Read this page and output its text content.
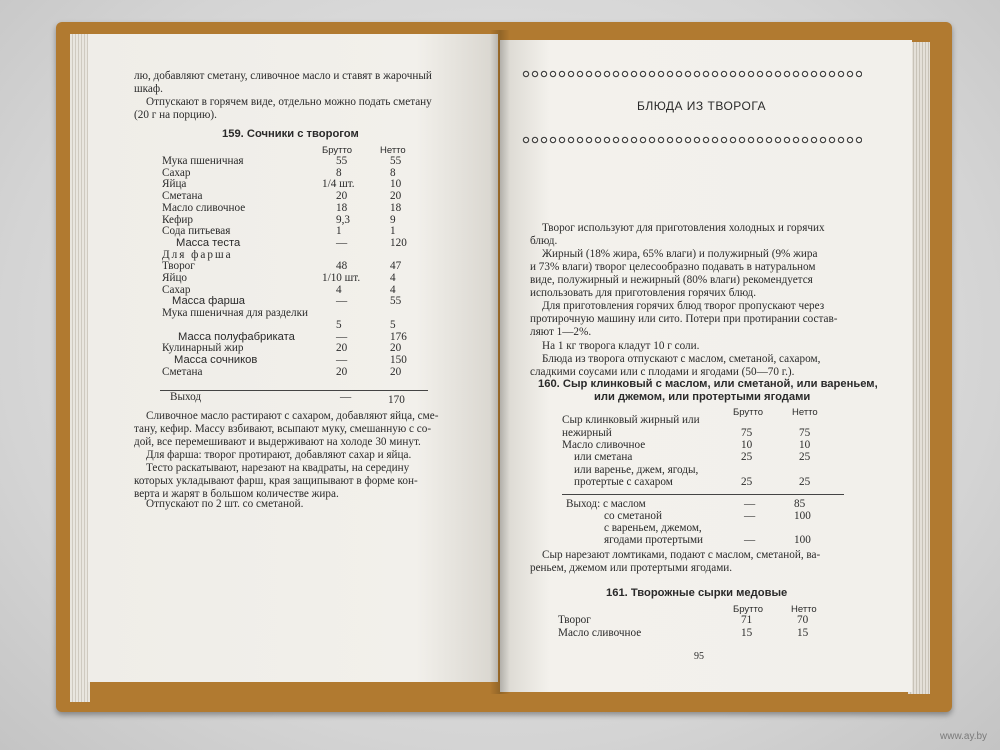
лю, добавляют сметану, сливочное масло и ставят в жарочный
шкаф.
Отпускают в горячем виде, отдельно можно подать сметану
(20 г на порцию).
159. Сочники с творогом
Брутто	Нетто
Мука пшеничная	55	55
Сахар	8	8
Яйца	1/4 шт.	10
Сметана	20	20
Масло сливочное	18	18
Кефир	9,3	9
Сода питьевая	1	1
Масса теста	—	120
Для фарша
Творог	48	47
Яйцо	1/10 шт.	4
Сахар	4	4
Масса фарша	—	55
Мука пшеничная для разделки
5	5
Масса полуфабриката	—	176
Кулинарный жир	20	20
Масса сочников	—	150
Сметана	20	20
Выход	—	170
Сливочное масло растирают с сахаром, добавляют яйца, сме-
тану, кефир. Массу взбивают, всыпают муку, смешанную с со-
дой, все перемешивают и выдерживают на холоде 30 минут.
Для фарша: творог протирают, добавляют сахар и яйца.
Тесто раскатывают, нарезают на квадраты, на середину
которых укладывают фарш, края защипывают в форме кон-
верта и жарят в большом количестве жира.
Отпускают по 2 шт. со сметаной.
БЛЮДА ИЗ ТВОРОГА
Творог используют для приготовления холодных и горячих
блюд.
Жирный (18% жира, 65% влаги) и полужирный (9% жира
и 73% влаги) творог целесообразно подавать в натуральном
виде, полужирный и нежирный (80% влаги) рекомендуется
использовать для приготовления горячих блюд.
Для приготовления горячих блюд творог пропускают через
протирочную машину или сито. Потери при протирании состав-
ляют 1—2%.
На 1 кг творога кладут 10 г соли.
Блюда из творога отпускают с маслом, сметаной, сахаром,
сладкими соусами или с плодами и ягодами (50—70 г.).
160. Сыр клинковый с маслом, или сметаной, или вареньем,
или джемом, или протертыми ягодами
Брутто	Нетто
Сыр клинковый жирный или
нежирный	75	75
Масло сливочное	10	10
или сметана	25	25
или варенье, джем, ягоды,
протертые с сахаром	25	25
Выход: с маслом	—	85
со сметаной	—	100
с вареньем, джемом,
ягодами протертыми	—	100
Сыр нарезают ломтиками, подают с маслом, сметаной, ва-
реньем, джемом или протертыми ягодами.
161. Творожные сырки медовые
Брутто	Нетто
Творог	71	70
Масло сливочное	15	15
95
www.ay.by
